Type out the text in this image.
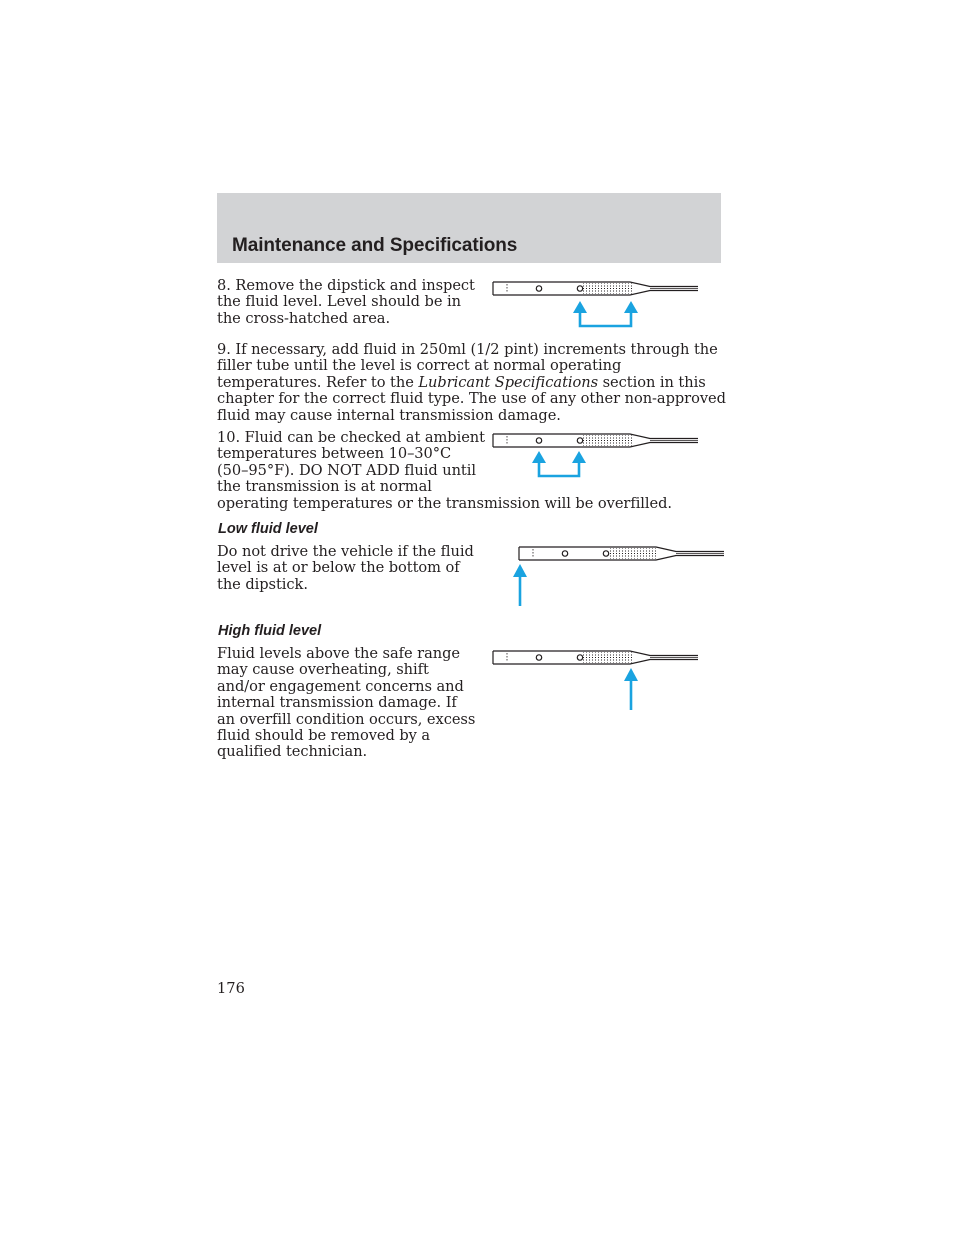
Maintenance and Specifications

8. Remove the dipstick and inspect the fluid level. Level should be in the cross-hatched area.

9. If necessary, add fluid in 250ml (1/2 pint) increments through the filler tube until the level is correct at normal operating temperatures. Refer to the Lubricant Specifications section in this chapter for the correct fluid type. The use of any other non-approved fluid may cause internal transmission damage.

10. Fluid can be checked at ambient
temperatures between 10–30°C
(50–95°F). DO NOT ADD fluid until
the transmission is at normal
operating temperatures or the transmission will be overfilled.
Low fluid level

Do not drive the vehicle if the fluid level is at or below the bottom of the dipstick.

High fluid level

Fluid levels above the safe range may cause overheating, shift and/or engagement concerns and internal transmission damage. If an overfill condition occurs, excess fluid should be removed by a qualified technician.

176
